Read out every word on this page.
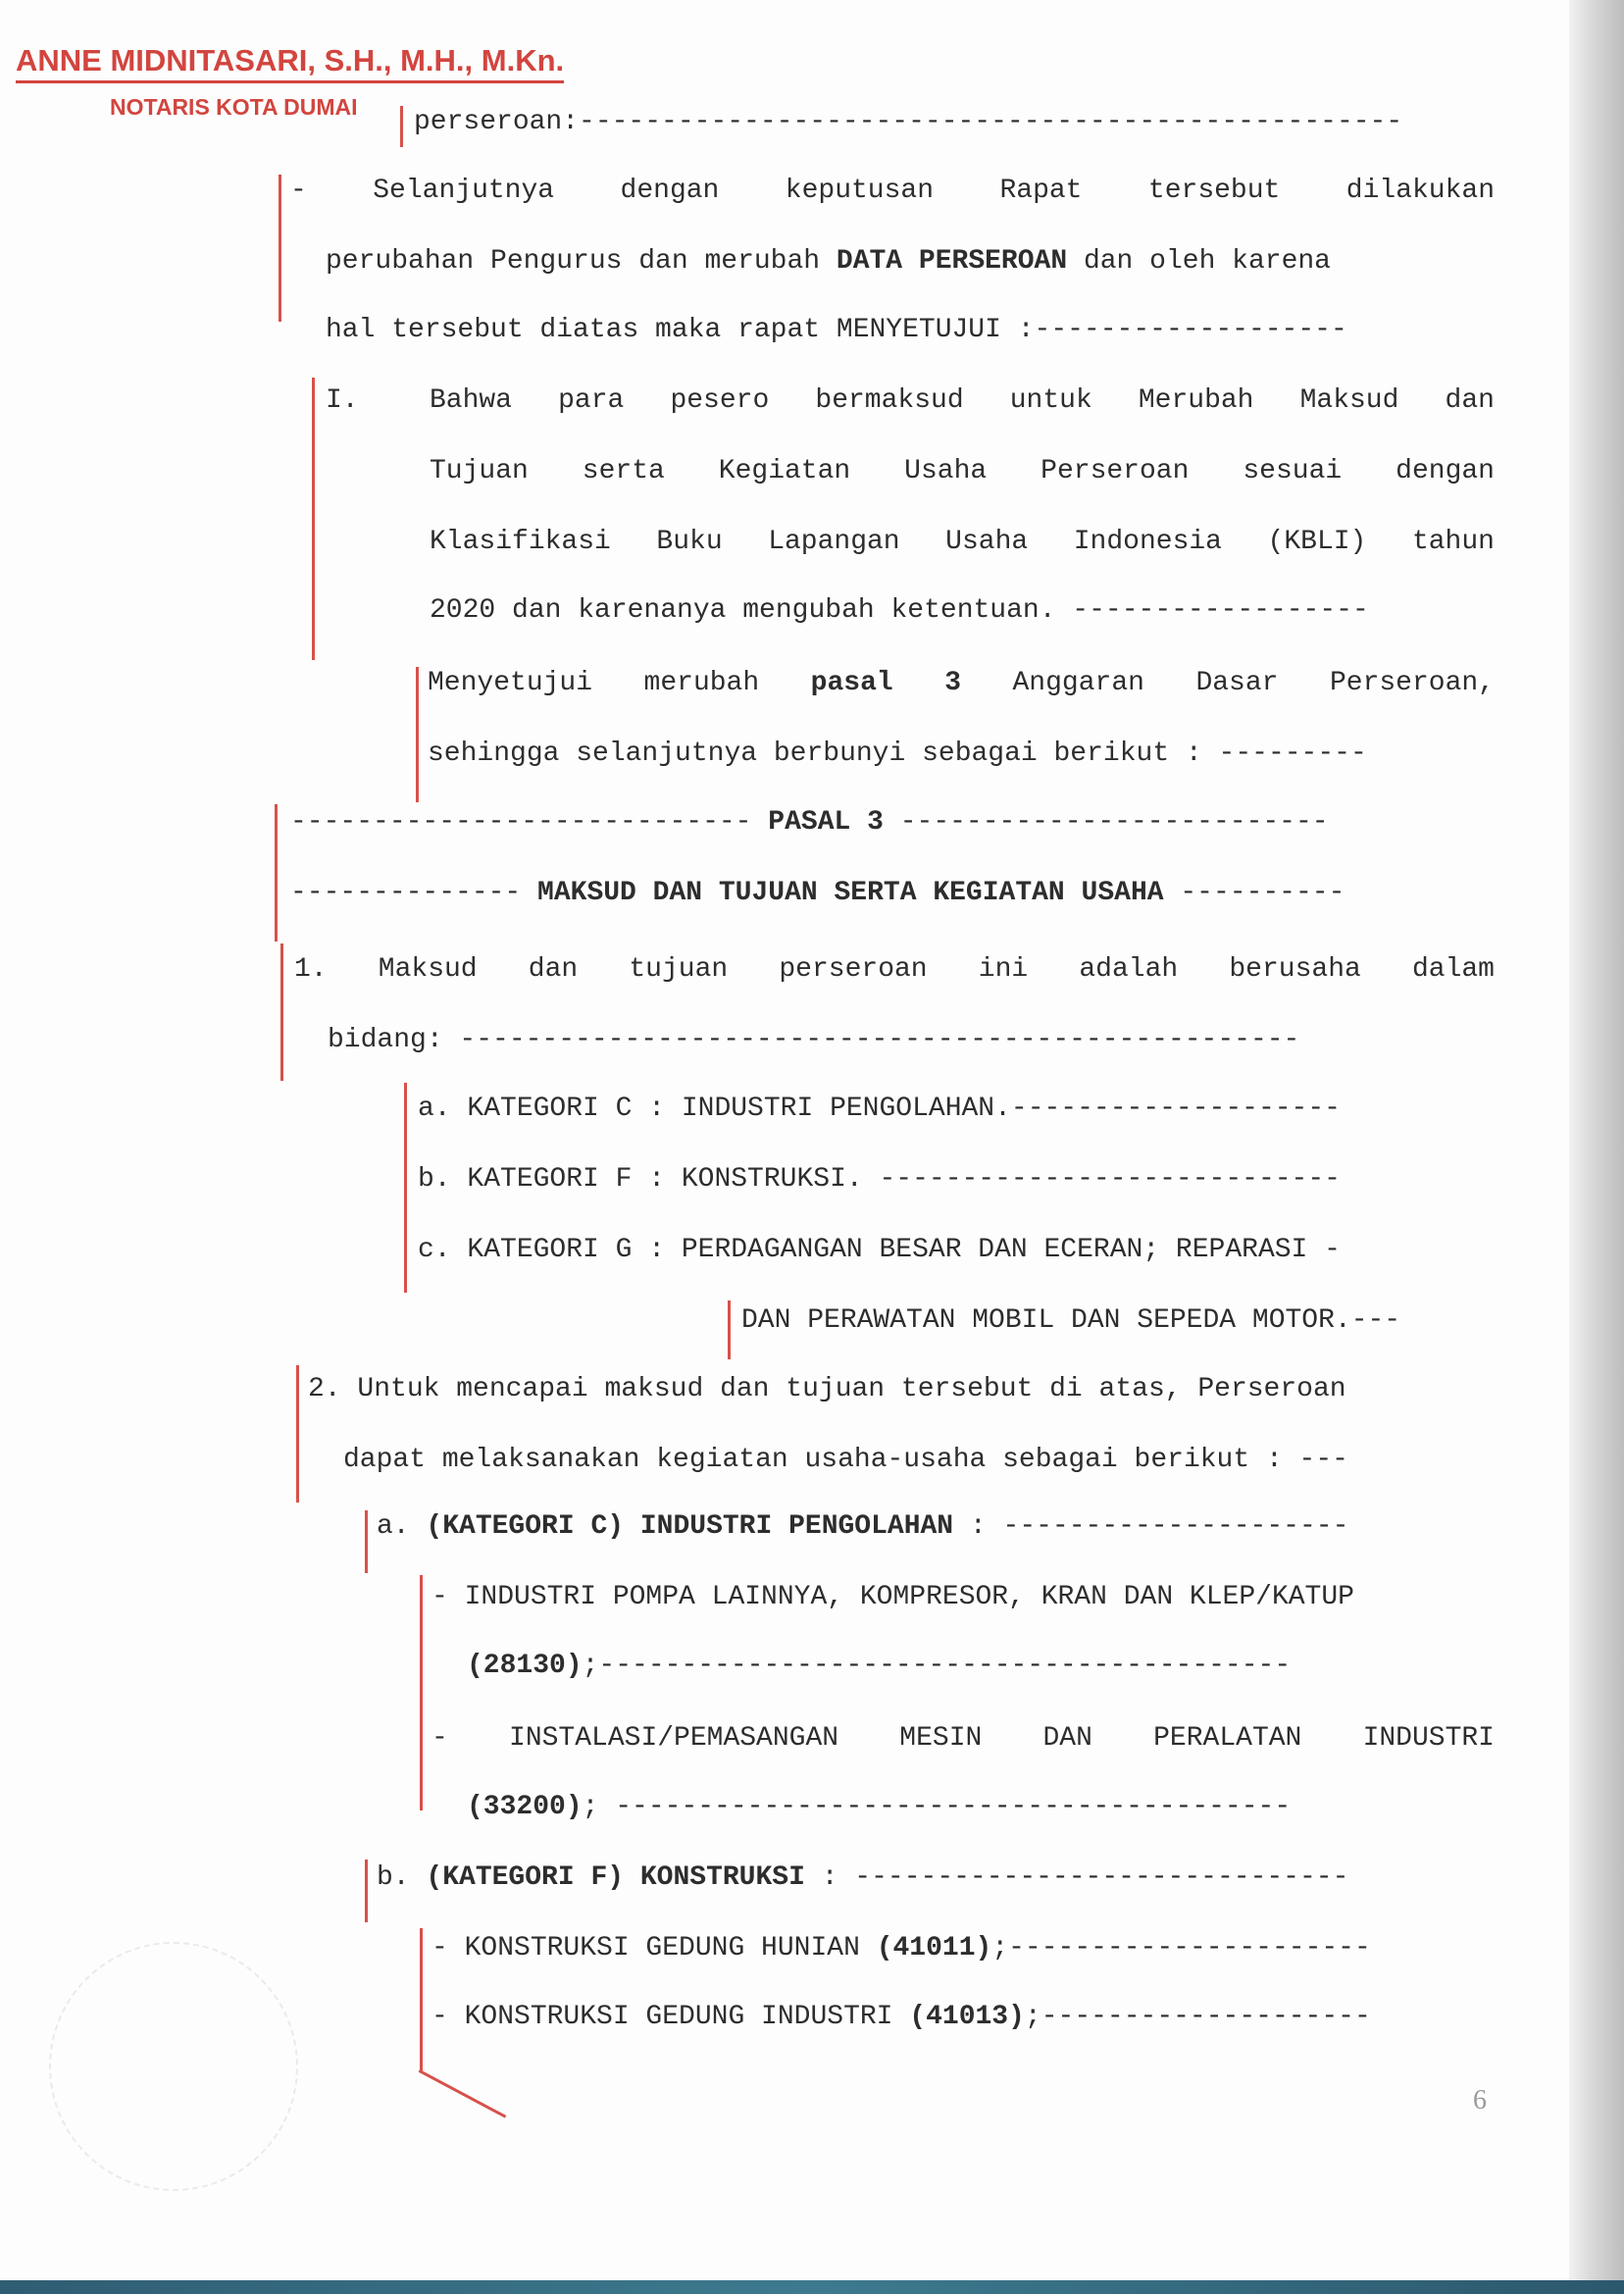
ANNE MIDNITASARI, S.H., M.H., M.Kn.
NOTARIS KOTA DUMAI perseroan:--------------------------------------------------
- Selanjutnya dengan keputusan Rapat tersebut dilakukan
perubahan Pengurus dan merubah DATA PERSEROAN dan oleh karena
hal tersebut diatas maka rapat MENYETUJUI :-------------------
I.	Bahwa para pesero bermaksud untuk Merubah Maksud dan
Tujuan serta Kegiatan Usaha Perseroan sesuai dengan
Klasifikasi Buku Lapangan Usaha Indonesia (KBLI) tahun
2020 dan karenanya mengubah ketentuan. ------------------
Menyetujui merubah pasal 3 Anggaran Dasar Perseroan,
sehingga selanjutnya berbunyi sebagai berikut : ---------
---------------------------- PASAL 3 --------------------------
-------------- MAKSUD DAN TUJUAN SERTA KEGIATAN USAHA ----------
1. Maksud dan tujuan perseroan ini adalah berusaha dalam
bidang: ---------------------------------------------------
a. KATEGORI C : INDUSTRI PENGOLAHAN.--------------------
b. KATEGORI F : KONSTRUKSI. ----------------------------
c. KATEGORI G : PERDAGANGAN BESAR DAN ECERAN; REPARASI -
DAN PERAWATAN MOBIL DAN SEPEDA MOTOR.---
2. Untuk mencapai maksud dan tujuan tersebut di atas, Perseroan
dapat melaksanakan kegiatan usaha-usaha sebagai berikut : ---
a. (KATEGORI C) INDUSTRI PENGOLAHAN : ---------------------
- INDUSTRI POMPA LAINNYA, KOMPRESOR, KRAN DAN KLEP/KATUP
(28130);------------------------------------------
- INSTALASI/PEMASANGAN MESIN DAN PERALATAN INDUSTRI
(33200); -----------------------------------------
b. (KATEGORI F) KONSTRUKSI : ------------------------------
- KONSTRUKSI GEDUNG HUNIAN (41011);----------------------
- KONSTRUKSI GEDUNG INDUSTRI (41013);--------------------
6
